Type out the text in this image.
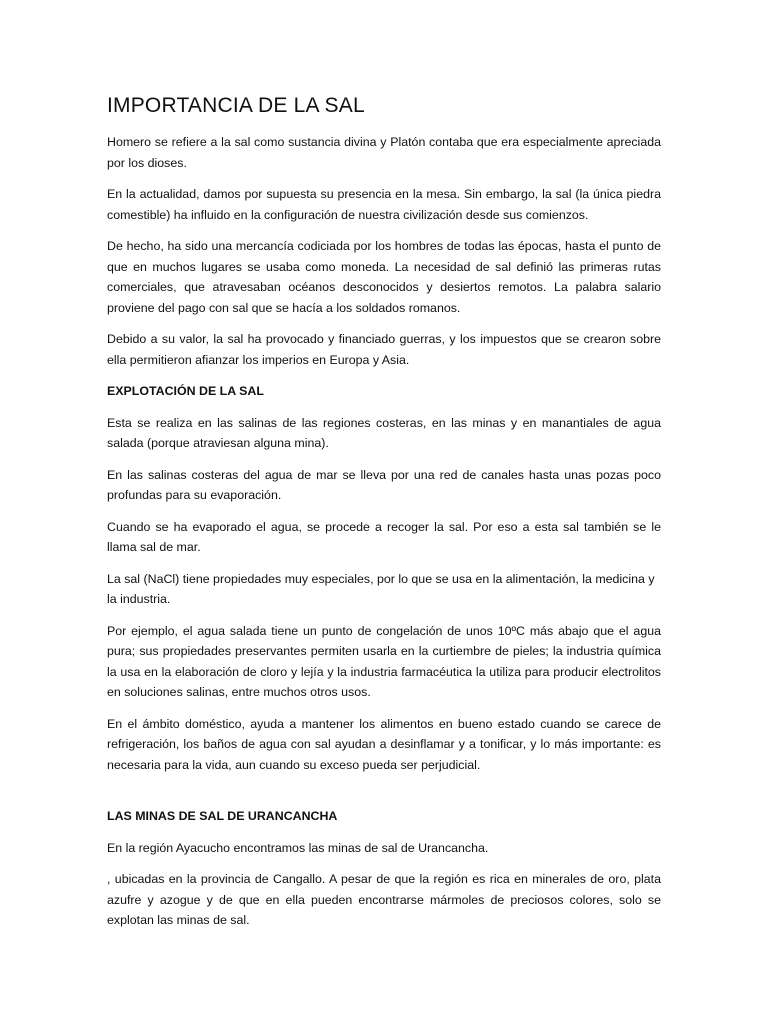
IMPORTANCIA DE LA SAL

Homero se refiere a la sal como sustancia divina y Platón contaba que era especialmente apreciada por los dioses.

En la actualidad, damos por supuesta su presencia en la mesa. Sin embargo, la sal (la única piedra comestible) ha influido en la configuración de nuestra civilización desde sus comienzos.

De hecho, ha sido una mercancía codiciada por los hombres de todas las épocas, hasta el punto de que en muchos lugares se usaba como moneda. La necesidad de sal definió las primeras rutas comerciales, que atravesaban océanos desconocidos y desiertos remotos. La palabra salario proviene del pago con sal que se hacía a los soldados romanos.

Debido a su valor, la sal ha provocado y financiado guerras, y los impuestos que se crearon sobre ella permitieron afianzar los imperios en Europa y Asia.

EXPLOTACIÓN DE LA SAL

Esta se realiza en las salinas de las regiones costeras, en las minas y en manantiales de agua salada (porque atraviesan alguna mina).

En las salinas costeras del agua de mar se lleva por una red de canales hasta unas pozas poco profundas para su evaporación.

Cuando se ha evaporado el agua, se procede a recoger la sal. Por eso a esta sal también se le llama sal de mar.

La sal (NaCl) tiene propiedades muy especiales, por lo que se usa en la alimentación, la medicina y la industria.

Por ejemplo, el agua salada tiene un punto de congelación de unos 10ºC más abajo que el agua pura; sus propiedades preservantes permiten usarla en la curtiembre de pieles; la industria química la usa en la elaboración de cloro y lejía y la industria farmacéutica la utiliza para producir electrolitos en soluciones salinas, entre muchos otros usos.

En el ámbito doméstico, ayuda a mantener los alimentos en bueno estado cuando se carece de refrigeración, los baños de agua con sal ayudan a desinflamar y a tonificar, y lo más importante: es necesaria para la vida, aun cuando su exceso pueda ser perjudicial.

LAS MINAS DE SAL DE URANCANCHA

En la región Ayacucho encontramos las minas de sal de Urancancha.

, ubicadas en la provincia de Cangallo. A pesar de que la región es rica en minerales de oro, plata azufre y azogue y de que en ella pueden encontrarse mármoles de preciosos colores, solo se explotan las minas de sal.
